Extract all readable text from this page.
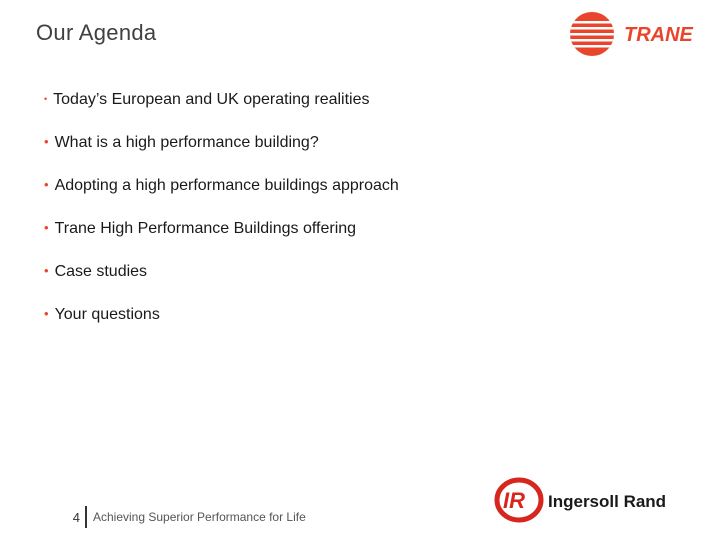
Our Agenda	TRANE
• Today’s European and UK operating realities
• What is a high performance building?
• Adopting a high performance buildings approach
• Trane High Performance Buildings offering
• Case studies
• Your questions
4 Achieving Superior Performance for Life
IR Ingersoll Rand
